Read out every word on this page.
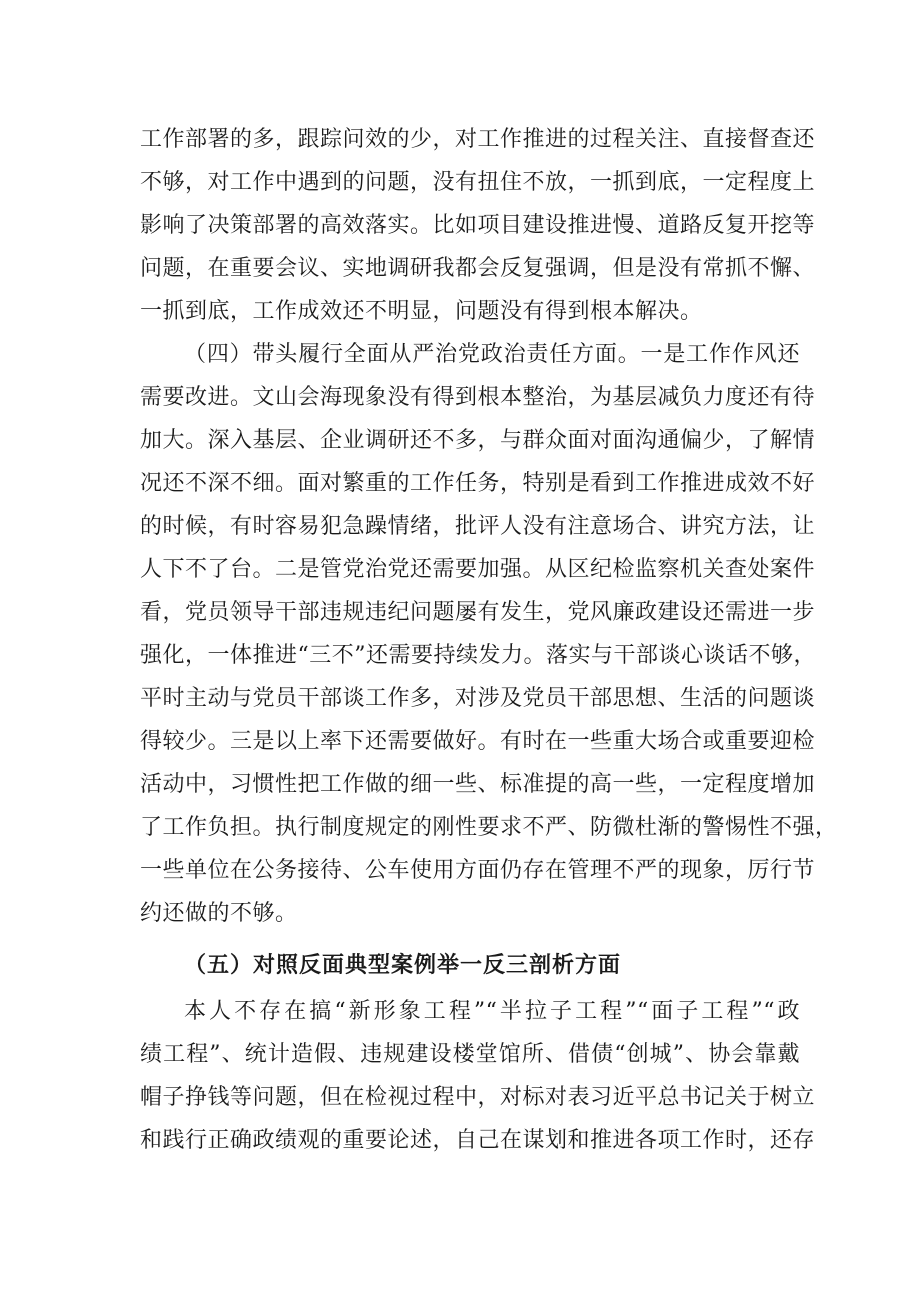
工作部署的多，跟踪问效的少，对工作推进的过程关注、直接督查还
不够，对工作中遇到的问题，没有扭住不放，一抓到底，一定程度上
影响了决策部署的高效落实。比如项目建设推进慢、道路反复开挖等
问题，在重要会议、实地调研我都会反复强调，但是没有常抓不懈、
一抓到底，工作成效还不明显，问题没有得到根本解决。
（四）带头履行全面从严治党政治责任方面。一是工作作风还
需要改进。文山会海现象没有得到根本整治，为基层减负力度还有待
加大。深入基层、企业调研还不多，与群众面对面沟通偏少，了解情
况还不深不细。面对繁重的工作任务，特别是看到工作推进成效不好
的时候，有时容易犯急躁情绪，批评人没有注意场合、讲究方法，让
人下不了台。二是管党治党还需要加强。从区纪检监察机关查处案件
看，党员领导干部违规违纪问题屡有发生，党风廉政建设还需进一步
强化，一体推进“三不”还需要持续发力。落实与干部谈心谈话不够，
平时主动与党员干部谈工作多，对涉及党员干部思想、生活的问题谈
得较少。三是以上率下还需要做好。有时在一些重大场合或重要迎检
活动中，习惯性把工作做的细一些、标准提的高一些，一定程度增加
了工作负担。执行制度规定的刚性要求不严、防微杜渐的警惕性不强，
一些单位在公务接待、公车使用方面仍存在管理不严的现象，厉行节
约还做的不够。
（五）对照反面典型案例举一反三剖析方面
本人不存在搞“新形象工程”“半拉子工程”“面子工程”“政
绩工程”、统计造假、违规建设楼堂馆所、借债“创城”、协会靠戴
帽子挣钱等问题，但在检视过程中，对标对表习近平总书记关于树立
和践行正确政绩观的重要论述，自己在谋划和推进各项工作时，还存
